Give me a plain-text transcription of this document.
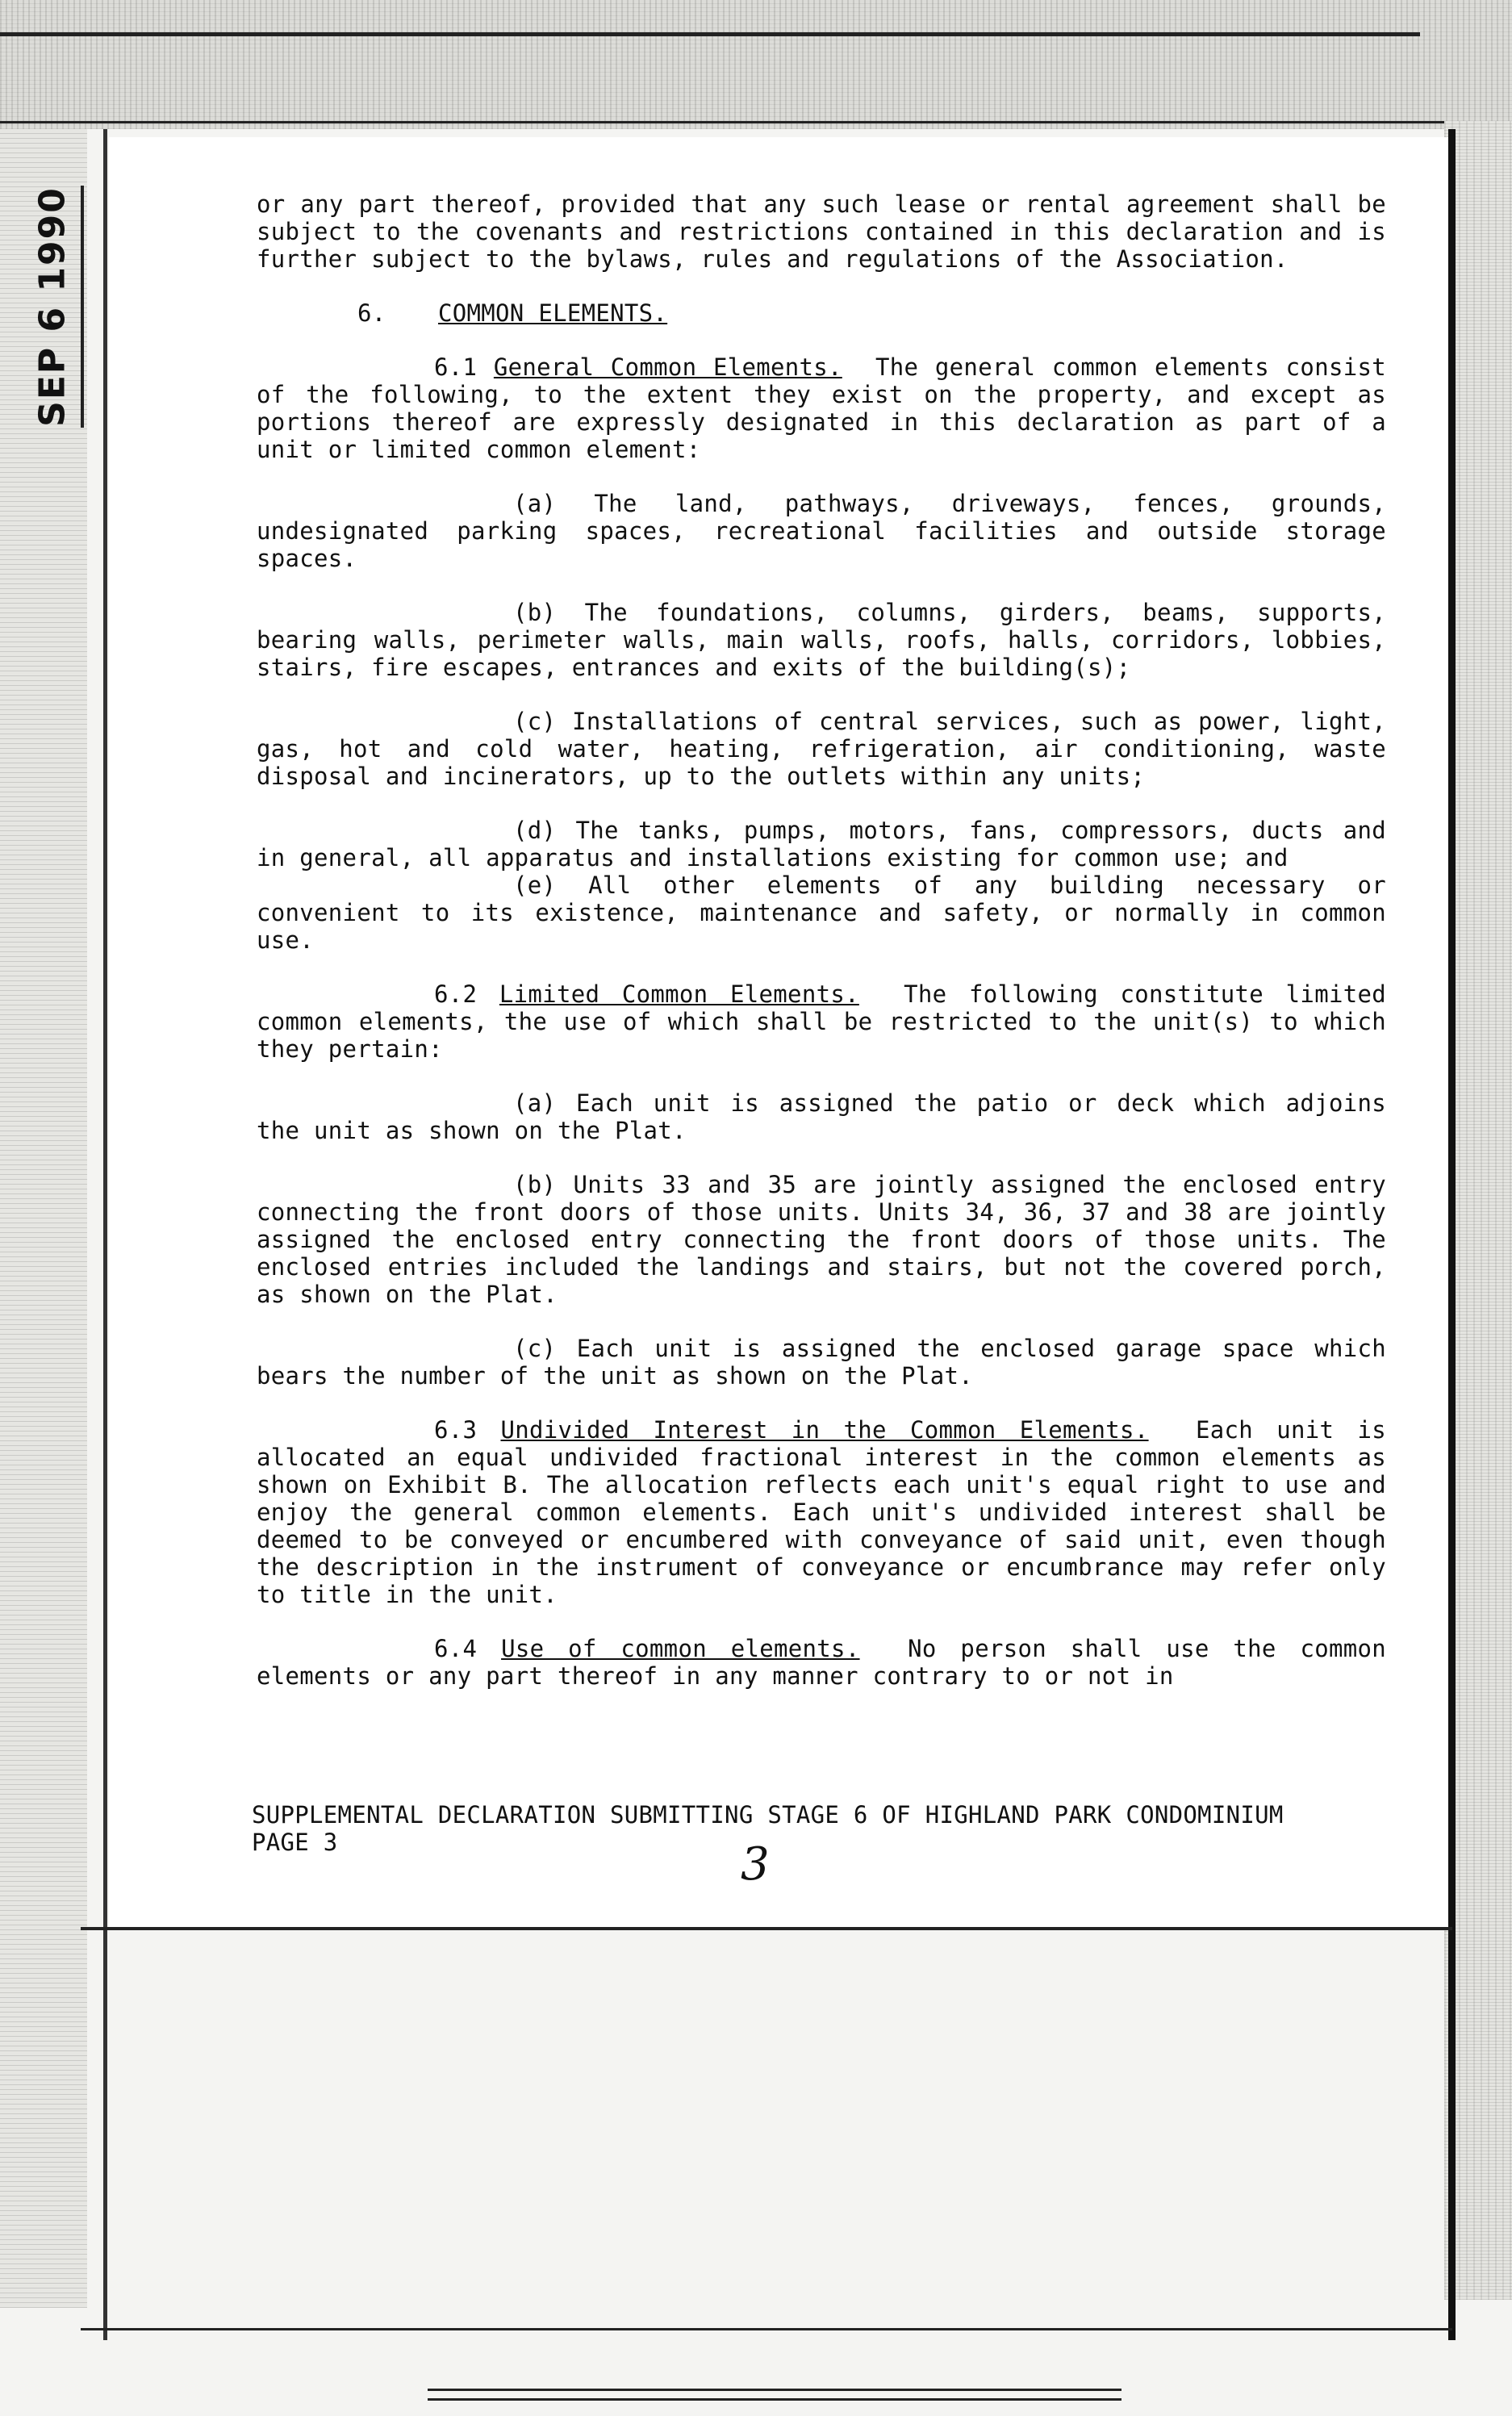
SEP 6 1990	or any part thereof, provided that any such lease or rental agreement shall be subject to the covenants and restrictions contained in this declaration and is further subject to the bylaws, rules and regulations of the Association.

6. COMMON ELEMENTS.

6.1 General Common Elements. The general common elements consist of the following, to the extent they exist on the property, and except as portions thereof are expressly designated in this declaration as part of a unit or limited common element:

(a) The land, pathways, driveways, fences, grounds, undesignated parking spaces, recreational facilities and outside storage spaces.

(b) The foundations, columns, girders, beams, supports, bearing walls, perimeter walls, main walls, roofs, halls, corridors, lobbies, stairs, fire escapes, entrances and exits of the building(s);

(c) Installations of central services, such as power, light, gas, hot and cold water, heating, refrigeration, air conditioning, waste disposal and incinerators, up to the outlets within any units;

(d) The tanks, pumps, motors, fans, compressors, ducts and in general, all apparatus and installations existing for common use; and

(e) All other elements of any building necessary or convenient to its existence, maintenance and safety, or normally in common use.

6.2 Limited Common Elements. The following constitute limited common elements, the use of which shall be restricted to the unit(s) to which they pertain:

(a) Each unit is assigned the patio or deck which adjoins the unit as shown on the Plat.

(b) Units 33 and 35 are jointly assigned the enclosed entry connecting the front doors of those units. Units 34, 36, 37 and 38 are jointly assigned the enclosed entry connecting the front doors of those units. The enclosed entries included the landings and stairs, but not the covered porch, as shown on the Plat.

(c) Each unit is assigned the enclosed garage space which bears the number of the unit as shown on the Plat.

6.3 Undivided Interest in the Common Elements. Each unit is allocated an equal undivided fractional interest in the common elements as shown on Exhibit B. The allocation reflects each unit's equal right to use and enjoy the general common elements. Each unit's undivided interest shall be deemed to be conveyed or encumbered with conveyance of said unit, even though the description in the instrument of conveyance or encumbrance may refer only to title in the unit.

6.4 Use of common elements. No person shall use the common elements or any part thereof in any manner contrary to or not in

SUPPLEMENTAL DECLARATION SUBMITTING STAGE 6 OF HIGHLAND PARK CONDOMINIUM
PAGE 3	3
